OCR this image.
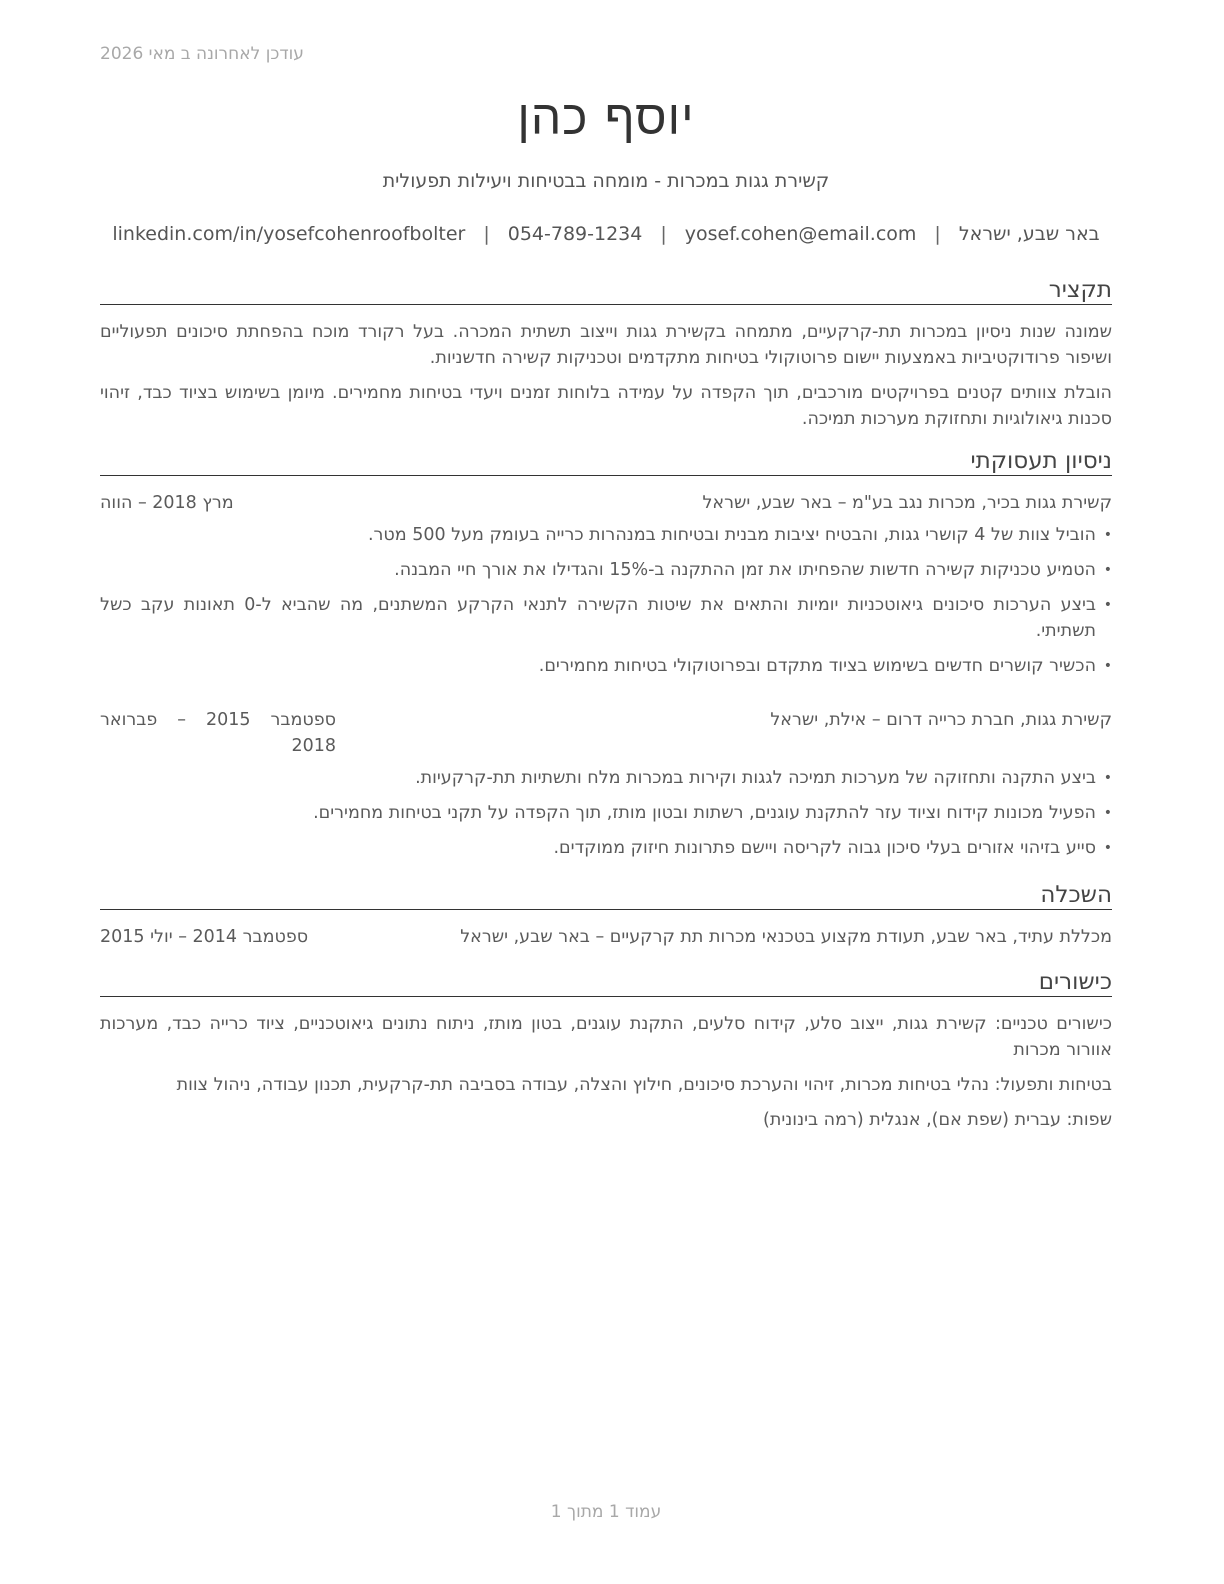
עודכן לאחרונה ב מאי 2026
יוסף כהן
קשירת גגות במכרות - מומחה בבטיחות ויעילות תפעולית
באר שבע, ישראל|yosef.cohen@email.com|054-789-1234|linkedin.com/in/yosefcohenroofbolter
תקציר

שמונה שנות ניסיון במכרות תת-קרקעיים, מתמחה בקשירת גגות וייצוב תשתית המכרה. בעל רקורד מוכח בהפחתת סיכונים תפעוליים ושיפור פרודוקטיביות באמצעות יישום פרוטוקולי בטיחות מתקדמים וטכניקות קשירה חדשניות.

הובלת צוותים קטנים בפרויקטים מורכבים, תוך הקפדה על עמידה בלוחות זמנים ויעדי בטיחות מחמירים. מיומן בשימוש בציוד כבד, זיהוי סכנות גיאולוגיות ותחזוקת מערכות תמיכה.

ניסיון תעסוקתי
קשירת גגות בכיר, מכרות נגב בע"מ – באר שבע, ישראל
מרץ 2018 – הווה
•
הוביל צוות של 4 קושרי גגות, והבטיח יציבות מבנית ובטיחות במנהרות כרייה בעומק מעל 500 מטר.
•
הטמיע טכניקות קשירה חדשות שהפחיתו את זמן ההתקנה ב-15% והגדילו את אורך חיי המבנה.
•
ביצע הערכות סיכונים גיאוטכניות יומיות והתאים את שיטות הקשירה לתנאי הקרקע המשתנים, מה שהביא ל-0 תאונות עקב כשל תשתיתי.
•
הכשיר קושרים חדשים בשימוש בציוד מתקדם ובפרוטוקולי בטיחות מחמירים.
קשירת גגות, חברת כרייה דרום – אילת, ישראל
ספטמבר 2015 – פברואר 2018
•
ביצע התקנה ותחזוקה של מערכות תמיכה לגגות וקירות במכרות מלח ותשתיות תת-קרקעיות.
•
הפעיל מכונות קידוח וציוד עזר להתקנת עוגנים, רשתות ובטון מותז, תוך הקפדה על תקני בטיחות מחמירים.
•
סייע בזיהוי אזורים בעלי סיכון גבוה לקריסה ויישם פתרונות חיזוק ממוקדים.
השכלה
מכללת עתיד, באר שבע, תעודת מקצוע בטכנאי מכרות תת קרקעיים – באר שבע, ישראל
ספטמבר 2014 – יולי 2015
כישורים

כישורים טכניים: קשירת גגות, ייצוב סלע, קידוח סלעים, התקנת עוגנים, בטון מותז, ניתוח נתונים גיאוטכניים, ציוד כרייה כבד, מערכות אוורור מכרות

בטיחות ותפעול: נהלי בטיחות מכרות, זיהוי והערכת סיכונים, חילוץ והצלה, עבודה בסביבה תת-קרקעית, תכנון עבודה, ניהול צוות

שפות: עברית (שפת אם), אנגלית (רמה בינונית)

עמוד 1 מתוך 1
